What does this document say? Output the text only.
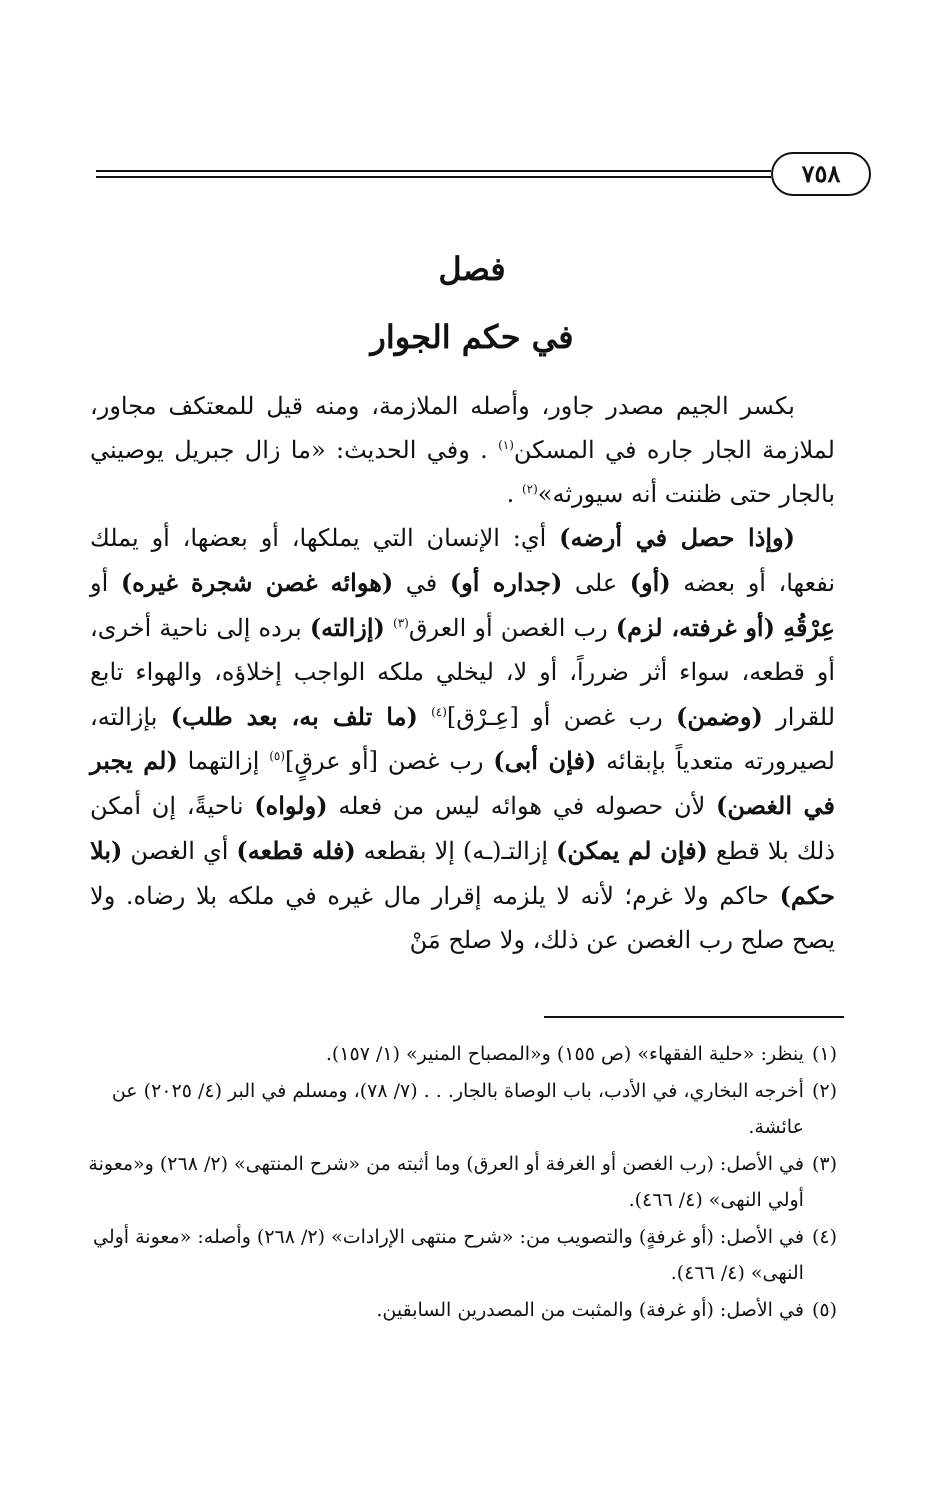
٧٥٨
فصل
في حكم الجوار

بكسر الجيم مصدر جاور، وأصله الملازمة، ومنه قيل للمعتكف مجاور، لملازمة الجار جاره في المسكن$^{(١)}$ . وفي الحديث: «ما زال جبريل يوصيني بالجار حتى ظننت أنه سيورثه»$^{(٢)}$ .

(وإذا حصل في أرضه) أي: الإنسان التي يملكها، أو بعضها، أو يملك نفعها، أو بعضه (أو) على (جداره أو) في (هوائه غصن شجرة غيره) أو عِرْقُهِ (أو غرفته، لزم) رب الغصن أو العرق$^{(٣)}$ (إزالته) برده إلى ناحية أخرى، أو قطعه، سواء أثر ضرراً، أو لا، ليخلي ملكه الواجب إخلاؤه، والهواء تابع للقرار (وضمن) رب غصن أو [عِـرْق]$^{(٤)}$ (ما تلف به، بعد طلب) بإزالته، لصيرورته متعدياً بإبقائه (فإن أبى) رب غصن [أو عرقٍ]$^{(٥)}$ إزالتهما (لم يجبر في الغصن) لأن حصوله في هوائه ليس من فعله (ولواه) ناحيةً، إن أمكن ذلك بلا قطع (فإن لم يمكن) إزالتـ(ـه) إلا بقطعه (فله قطعه) أي الغصن (بلا حكم) حاكم ولا غرم؛ لأنه لا يلزمه إقرار مال غيره في ملكه بلا رضاه. ولا يصح صلح رب الغصن عن ذلك، ولا صلح مَنْ

(١)
ينظر: «حلية الفقهاء» (ص ١٥٥) و«المصباح المنير» (١/ ١٥٧).
(٢)
أخرجه البخاري، في الأدب، باب الوصاة بالجار. . . (٧/ ٧٨)، ومسلم في البر (٤/ ٢٠٢٥) عن عائشة.
(٣)
في الأصل: (رب الغصن أو الغرفة أو العرق) وما أثبته من «شرح المنتهى» (٢/ ٢٦٨) و«معونة أولي النهى» (٤/ ٤٦٦).
(٤)
في الأصل: (أو غرفةٍ) والتصويب من: «شرح منتهى الإرادات» (٢/ ٢٦٨) وأصله: «معونة أولي النهى» (٤/ ٤٦٦).
(٥)
في الأصل: (أو غرفة) والمثبت من المصدرين السابقين.
